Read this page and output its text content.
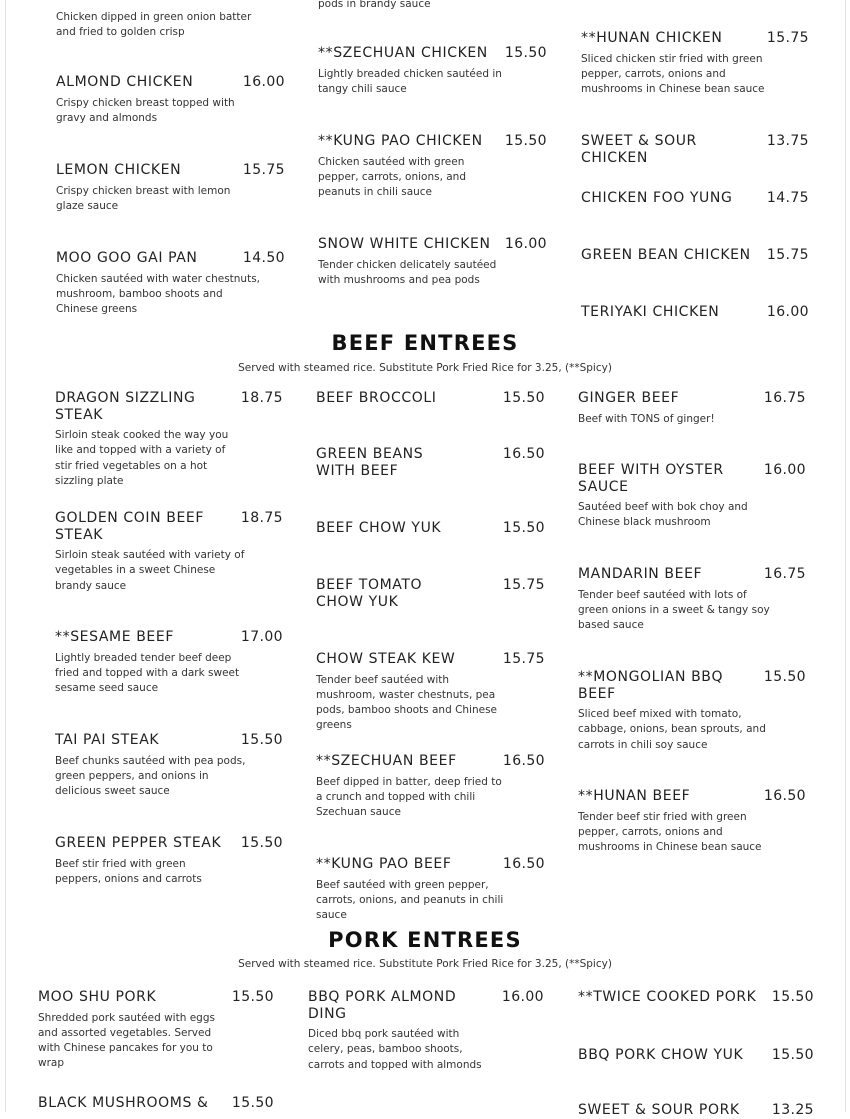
Chicken dipped in green onion batter and fried to golden crisp
pods in brandy sauce
ALMOND CHICKEN	16.00
Crispy chicken breast topped with gravy and almonds
LEMON CHICKEN	15.75
Crispy chicken breast with lemon glaze sauce
MOO GOO GAI PAN	14.50
Chicken sautéed with water chestnuts, mushroom, bamboo shoots and Chinese greens
**SZECHUAN CHICKEN	15.50
Lightly breaded chicken sautéed in tangy chili sauce
**KUNG PAO CHICKEN	15.50
Chicken sautéed with green pepper, carrots, onions, and peanuts in chili sauce
SNOW WHITE CHICKEN	16.00
Tender chicken delicately sautéed with mushrooms and pea pods
**HUNAN CHICKEN	15.75
Sliced chicken stir fried with green pepper, carrots, onions and mushrooms in Chinese bean sauce
SWEET & SOUR CHICKEN
13.75
CHICKEN FOO YUNG	14.75
GREEN BEAN CHICKEN	15.75
TERIYAKI CHICKEN	16.00
BEEF ENTREES
Served with steamed rice. Substitute Pork Fried Rice for 3.25, (**Spicy)
DRAGON SIZZLING STEAK
18.75
Sirloin steak cooked the way you like and topped with a variety of stir fried vegetables on a hot sizzling plate
GOLDEN COIN BEEF STEAK
18.75
Sirloin steak sautéed with variety of vegetables in a sweet Chinese brandy sauce
**SESAME BEEF	17.00
Lightly breaded tender beef deep fried and topped with a dark sweet sesame seed sauce
TAI PAI STEAK	15.50
Beef chunks sautéed with pea pods, green peppers, and onions in delicious sweet sauce
GREEN PEPPER STEAK	15.50
Beef stir fried with green peppers, onions and carrots
BEEF BROCCOLI	15.50
GREEN BEANS WITH BEEF
16.50
BEEF CHOW YUK	15.50
BEEF TOMATO CHOW YUK
15.75
CHOW STEAK KEW	15.75
Tender beef sautéed with mushroom, waster chestnuts, pea pods, bamboo shoots and Chinese greens
**SZECHUAN BEEF	16.50
Beef dipped in batter, deep fried to a crunch and topped with chili Szechuan sauce
**KUNG PAO BEEF	16.50
Beef sautéed with green pepper, carrots, onions, and peanuts in chili sauce
GINGER BEEF	16.75
Beef with TONS of ginger!
BEEF WITH OYSTER SAUCE
16.00
Sautéed beef with bok choy and Chinese black mushroom
MANDARIN BEEF	16.75
Tender beef sautéed with lots of green onions in a sweet & tangy soy based sauce
**MONGOLIAN BBQ BEEF
15.50
Sliced beef mixed with tomato, cabbage, onions, bean sprouts, and carrots in chili soy sauce
**HUNAN BEEF	16.50
Tender beef stir fried with green pepper, carrots, onions and mushrooms in Chinese bean sauce
PORK ENTREES
Served with steamed rice. Substitute Pork Fried Rice for 3.25, (**Spicy)
MOO SHU PORK	15.50
Shredded pork sautéed with eggs and assorted vegetables. Served with Chinese pancakes for you to wrap
BLACK MUSHROOMS &	15.50
BBQ PORK ALMOND DING
16.00
Diced bbq pork sautéed with celery, peas, bamboo shoots, carrots and topped with almonds
**TWICE COOKED PORK	15.50
BBQ PORK CHOW YUK	15.50
SWEET & SOUR PORK	13.25
